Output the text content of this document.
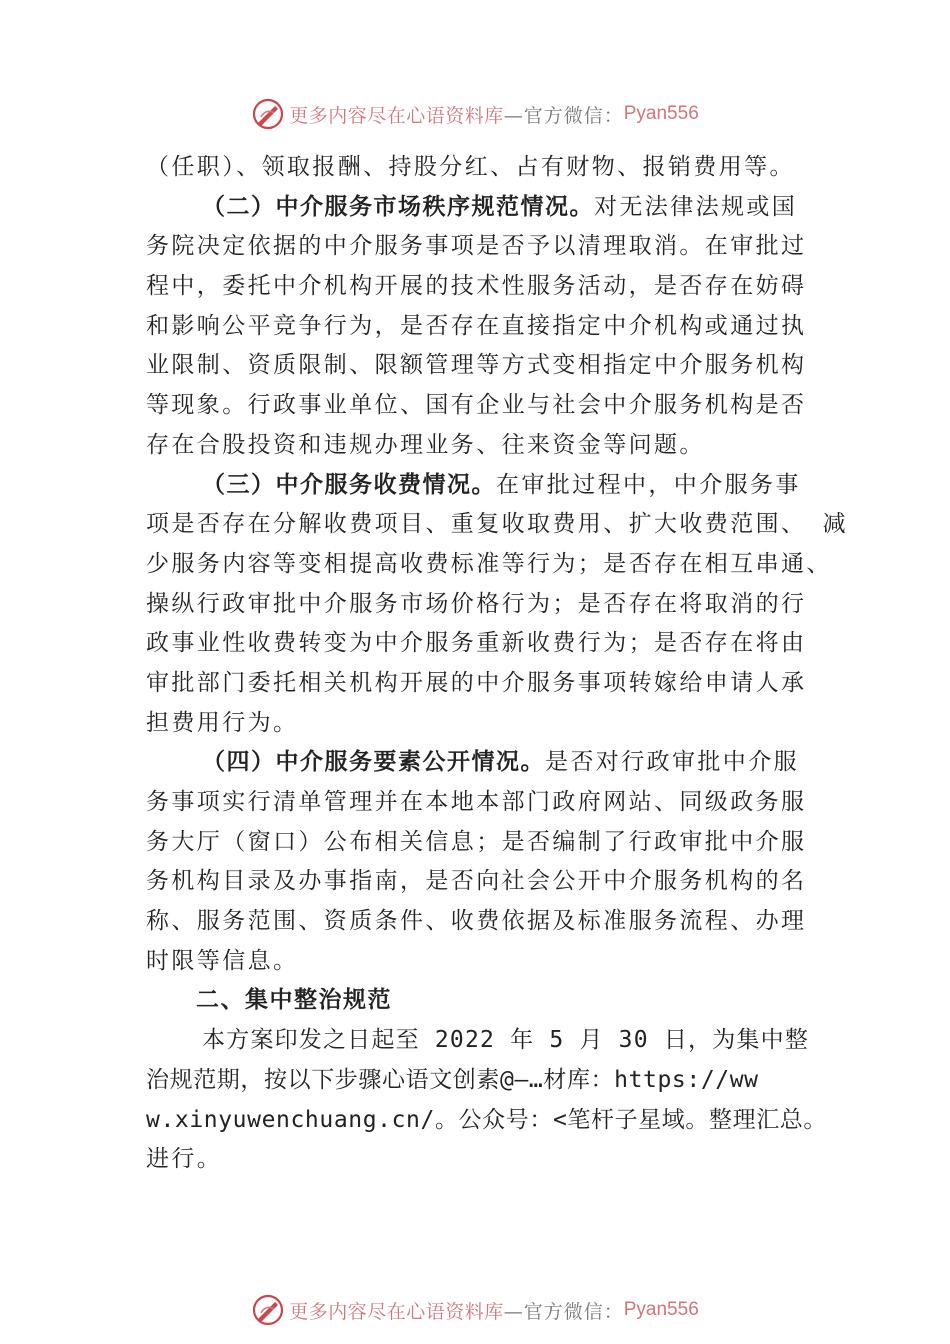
更多内容尽在心语资料库 —官方微信： Pyan556
（任职）、领取报酬、持股分红、占有财物、报销费用等。
（二）中介服务市场秩序规范情况。对无法律法规或国
务院决定依据的中介服务事项是否予以清理取消。在审批过
程中，委托中介机构开展的技术性服务活动，是否存在妨碍
和影响公平竞争行为，是否存在直接指定中介机构或通过执
业限制、资质限制、限额管理等方式变相指定中介服务机构
等现象。行政事业单位、国有企业与社会中介服务机构是否
存在合股投资和违规办理业务、往来资金等问题。
（三）中介服务收费情况。在审批过程中，中介服务事
项是否存在分解收费项目、重复收取费用、扩大收费范围、 减
少服务内容等变相提高收费标准等行为；是否存在相互串通、
操纵行政审批中介服务市场价格行为；是否存在将取消的行
政事业性收费转变为中介服务重新收费行为；是否存在将由
审批部门委托相关机构开展的中介服务事项转嫁给申请人承
担费用行为。
（四）中介服务要素公开情况。是否对行政审批中介服
务事项实行清单管理并在本地本部门政府网站、同级政务服
务大厅（窗口）公布相关信息；是否编制了行政审批中介服
务机构目录及办事指南，是否向社会公开中介服务机构的名
称、服务范围、资质条件、收费依据及标准服务流程、办理
时限等信息。
二、集中整治规范
本方案印发之日起至 2022 年 5 月 30 日，为集中整
治规范期，按以下步骤心语文创素@—…材库：https://ww
w.xinyuwenchuang.cn/。公众号：<笔杆子星域。整理汇总。
进行。
更多内容尽在心语资料库 —官方微信： Pyan556
